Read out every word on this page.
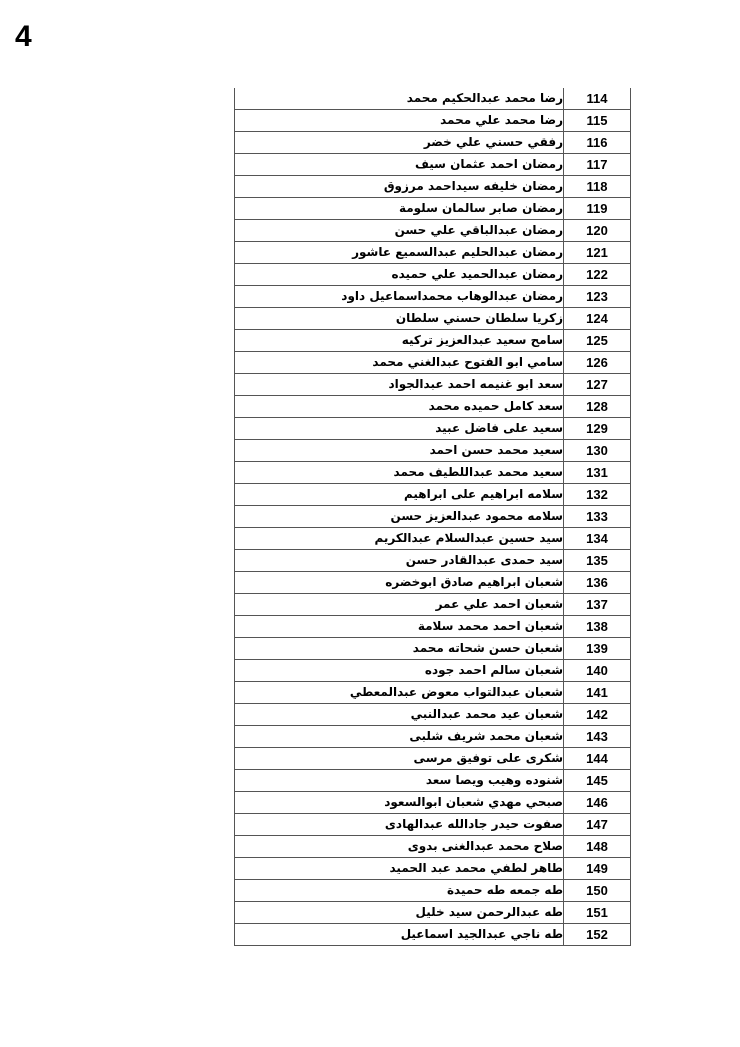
4
رضا محمد عبدالحكيم محمد	114
رضا محمد علي محمد	115
رفقي حسني علي خضر	116
رمضان احمد عثمان سيف	117
رمضان خليفه سيداحمد مرزوق	118
رمضان صابر سالمان سلومة	119
رمضان عبدالباقي علي حسن	120
رمضان عبدالحليم عبدالسميع عاشور	121
رمضان عبدالحميد علي حميده	122
رمضان عبدالوهاب محمداسماعيل داود	123
زكريا سلطان حسني سلطان	124
سامح سعيد عبدالعزيز تركيه	125
سامي ابو الفتوح عبدالغني محمد	126
سعد ابو غنيمه احمد عبدالجواد	127
سعد كامل حميده محمد	128
سعيد على فاضل عبيد	129
سعيد محمد حسن احمد	130
سعيد محمد عبداللطيف محمد	131
سلامه ابراهيم على ابراهيم	132
سلامه محمود عبدالعزيز حسن	133
سيد حسين عبدالسلام عبدالكريم	134
سيد حمدى عبدالقادر حسن	135
شعبان ابراهيم صادق ابوخضره	136
شعبان احمد علي عمر	137
شعبان احمد محمد سلامة	138
شعبان حسن شحاته محمد	139
شعبان سالم احمد جوده	140
شعبان عبدالتواب معوض عبدالمعطي	141
شعبان عيد محمد عبدالنبي	142
شعبان محمد شريف شلبى	143
شكرى على توفيق مرسى	144
شنوده وهيب ويصا سعد	145
صبحي مهدي شعبان ابوالسعود	146
صفوت حيدر جادالله عبدالهادى	147
صلاح محمد عبدالغنى بدوى	148
طاهر لطفي محمد عبد الحميد	149
طه جمعه طه حميدة	150
طه عبدالرحمن سيد خليل	151
طه ناجي عبدالجيد اسماعيل	152
